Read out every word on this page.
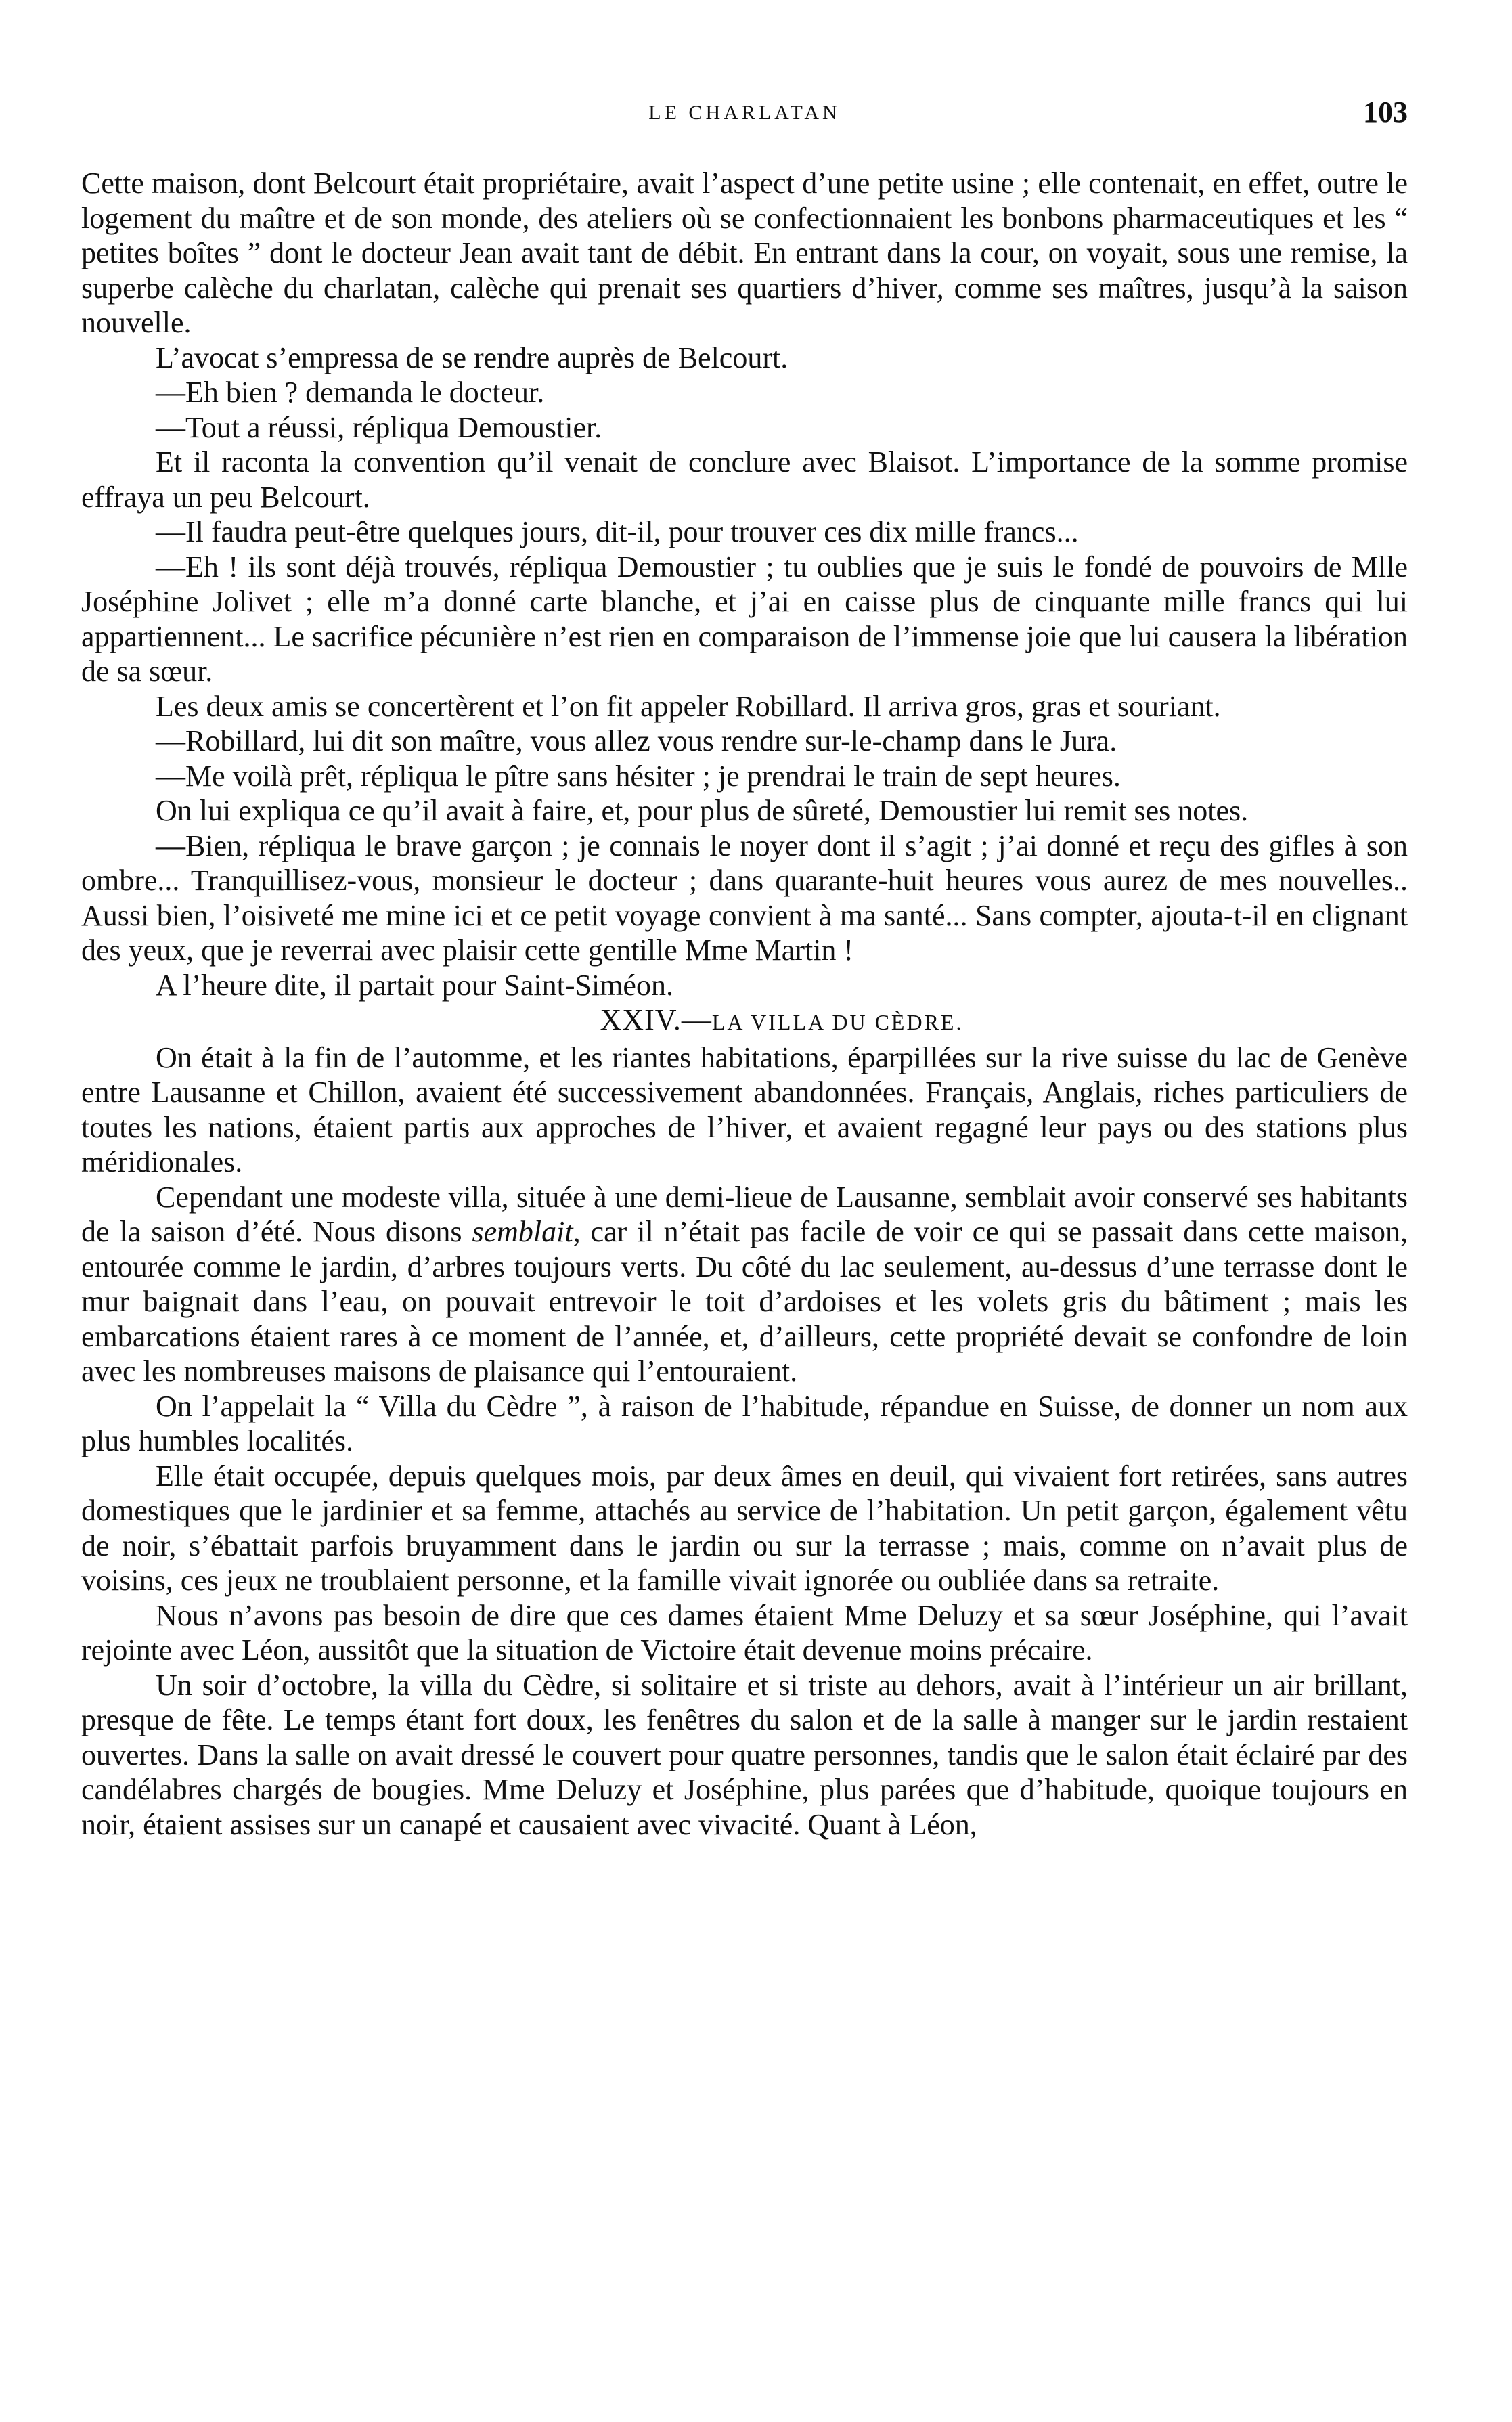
LE CHARLATAN	103

Cette maison, dont Belcourt était propriétaire, avait l’aspect d’une petite usine ; elle contenait, en effet, outre le logement du maître et de son monde, des ateliers où se confectionnaient les bonbons pharmaceutiques et les “ petites boîtes ” dont le docteur Jean avait tant de débit. En entrant dans la cour, on voyait, sous une remise, la superbe calèche du charlatan, calèche qui prenait ses quartiers d’hiver, comme ses maîtres, jusqu’à la saison nouvelle.

L’avocat s’empressa de se rendre auprès de Belcourt.

—Eh bien ? demanda le docteur.

—Tout a réussi, répliqua Demoustier.

Et il raconta la convention qu’il venait de conclure avec Blaisot. L’importance de la somme promise effraya un peu Belcourt.

—Il faudra peut-être quelques jours, dit-il, pour trouver ces dix mille francs...

—Eh ! ils sont déjà trouvés, répliqua Demoustier ; tu oublies que je suis le fondé de pouvoirs de Mlle Joséphine Jolivet ; elle m’a donné carte blanche, et j’ai en caisse plus de cinquante mille francs qui lui appartiennent... Le sacrifice pécunière n’est rien en comparaison de l’immense joie que lui causera la libération de sa sœur.

Les deux amis se concertèrent et l’on fit appeler Robillard. Il arriva gros, gras et souriant.

—Robillard, lui dit son maître, vous allez vous rendre sur-le-champ dans le Jura.

—Me voilà prêt, répliqua le pître sans hésiter ; je prendrai le train de sept heures.

On lui expliqua ce qu’il avait à faire, et, pour plus de sûreté, Demoustier lui remit ses notes.

—Bien, répliqua le brave garçon ; je connais le noyer dont il s’agit ; j’ai donné et reçu des gifles à son ombre... Tranquillisez-vous, monsieur le docteur ; dans quarante-huit heures vous aurez de mes nouvelles.. Aussi bien, l’oisiveté me mine ici et ce petit voyage convient à ma santé... Sans compter, ajouta-t-il en clignant des yeux, que je reverrai avec plaisir cette gentille Mme Martin !

A l’heure dite, il partait pour Saint-Siméon.

XXIV.—LA VILLA DU CÈDRE.

On était à la fin de l’automme, et les riantes habitations, éparpillées sur la rive suisse du lac de Genève entre Lausanne et Chillon, avaient été successivement abandonnées. Français, Anglais, riches particuliers de toutes les nations, étaient partis aux approches de l’hiver, et avaient regagné leur pays ou des stations plus méridionales.

Cependant une modeste villa, située à une demi-lieue de Lausanne, semblait avoir conservé ses habitants de la saison d’été. Nous disons semblait, car il n’était pas facile de voir ce qui se passait dans cette maison, entourée comme le jardin, d’arbres toujours verts. Du côté du lac seulement, au-dessus d’une terrasse dont le mur baignait dans l’eau, on pouvait entrevoir le toit d’ardoises et les volets gris du bâtiment ; mais les embarcations étaient rares à ce moment de l’année, et, d’ailleurs, cette propriété devait se confondre de loin avec les nombreuses maisons de plaisance qui l’entouraient.

On l’appelait la “ Villa du Cèdre ”, à raison de l’habitude, répandue en Suisse, de donner un nom aux plus humbles localités.

Elle était occupée, depuis quelques mois, par deux âmes en deuil, qui vivaient fort retirées, sans autres domestiques que le jardinier et sa femme, attachés au service de l’habitation. Un petit garçon, également vêtu de noir, s’ébattait parfois bruyamment dans le jardin ou sur la terrasse ; mais, comme on n’avait plus de voisins, ces jeux ne troublaient personne, et la famille vivait ignorée ou oubliée dans sa retraite.

Nous n’avons pas besoin de dire que ces dames étaient Mme Deluzy et sa sœur Joséphine, qui l’avait rejointe avec Léon, aussitôt que la situation de Victoire était devenue moins précaire.

Un soir d’octobre, la villa du Cèdre, si solitaire et si triste au dehors, avait à l’intérieur un air brillant, presque de fête. Le temps étant fort doux, les fenêtres du salon et de la salle à manger sur le jardin restaient ouvertes. Dans la salle on avait dressé le couvert pour quatre personnes, tandis que le salon était éclairé par des candélabres chargés de bougies. Mme Deluzy et Joséphine, plus parées que d’habitude, quoique toujours en noir, étaient assises sur un canapé et causaient avec vivacité. Quant à Léon,
